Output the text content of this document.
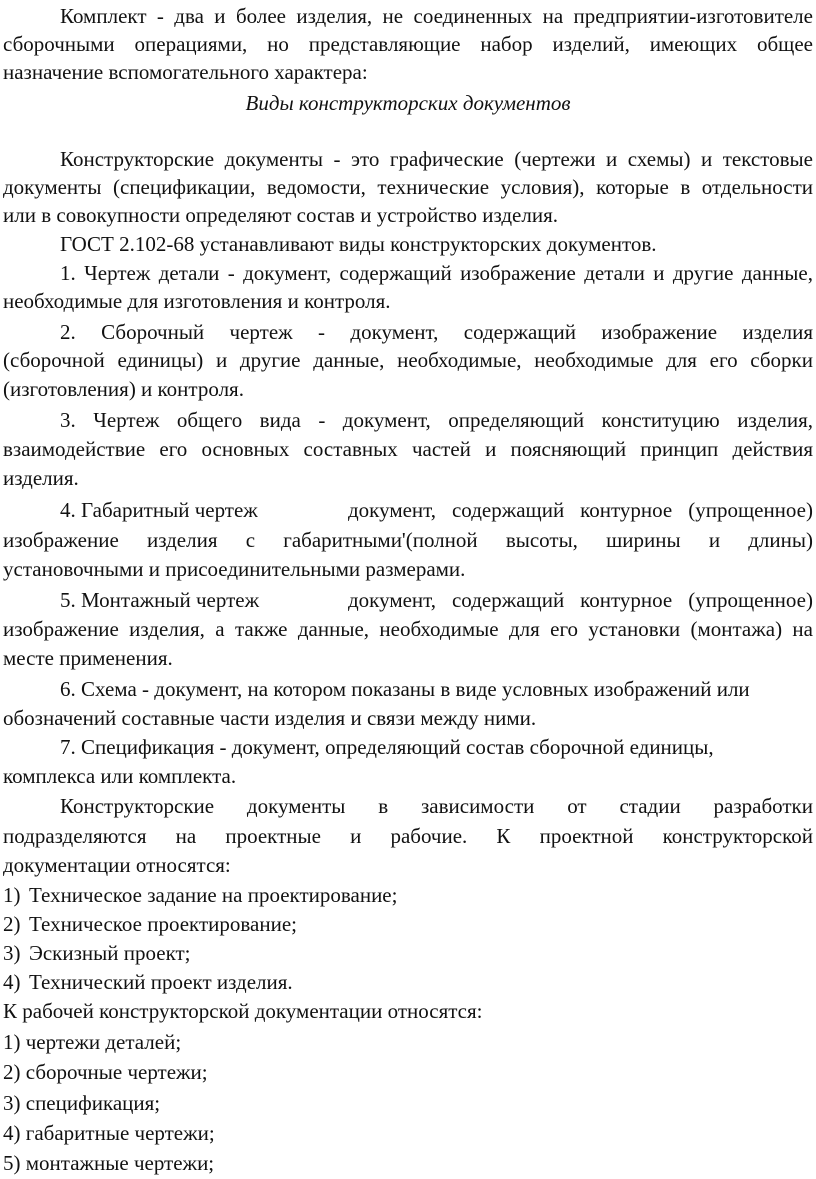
Комплект - два и более изделия, не соединенных на предприятии-изготовителе
сборочными операциями, но представляющие набор изделий, имеющих общее
назначение вспомогательного характера:
Виды конструкторских документов
Конструкторские документы - это графические (чертежи и схемы) и текстовые
документы (спецификации, ведомости, технические условия), которые в отдельности
или в совокупности определяют состав и устройство изделия.
ГОСТ 2.102-68 устанавливают виды конструкторских документов.
1. Чертеж детали - документ, содержащий изображение детали и другие данные,
необходимые для изготовления и контроля.
2. Сборочный чертеж - документ, содержащий изображение изделия
(сборочной единицы) и другие данные, необходимые, необходимые для его сборки
(изготовления) и контроля.
3. Чертеж общего вида - документ, определяющий конституцию изделия,
взаимодействие его основных составных частей и поясняющий принцип действия
изделия.
4. Габаритный чертеж	документ, содержащий контурное (упрощенное)
изображение изделия с габаритными'(полной высоты, ширины и длины)
установочными и присоединительными размерами.
5. Монтажный чертеж	документ, содержащий контурное (упрощенное)
изображение изделия, а также данные, необходимые для его установки (монтажа) на
месте применения.
6. Схема - документ, на котором показаны в виде условных изображений или
обозначений составные части изделия и связи между ними.
7. Спецификация - документ, определяющий состав сборочной единицы,
комплекса или комплекта.
Конструкторские документы в зависимости от стадии разработки
подразделяются на проектные и рабочие. К проектной конструкторской
документации относятся:
1) Техническое задание на проектирование;
2) Техническое проектирование;
3) Эскизный проект;
4) Технический проект изделия.
К рабочей конструкторской документации относятся:
1) чертежи деталей;
2) сборочные чертежи;
3) спецификация;
4) габаритные чертежи;
5) монтажные чертежи;
